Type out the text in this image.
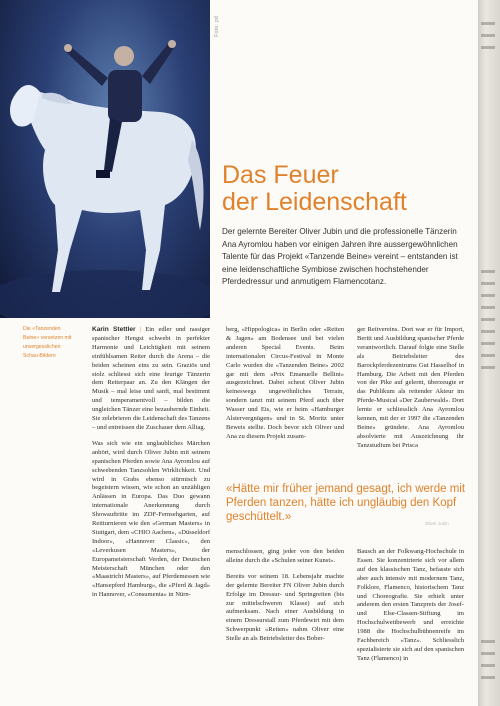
Foto: pd
Das Feuer
der Leidenschaft
Der gelernte Bereiter Oliver Jubin und die professionelle Tänzerin Ana Ayromlou haben vor einigen Jahren ihre aussergewöhnlichen Talente für das Projekt «Tanzende Beine» vereint – entstanden ist eine leidenschaftliche Symbiose zwischen hochstehender Pferdedressur und anmutigem Flamencotanz.
Die «Tanzenden Beine» versetzen mit unvergesslichen Schau-Bildern

Karin Stettler | Ein edler und rassiger spanischer Hengst schwebt in perfekter Harmonie und Leichtigkeit mit seinem einfühlsamen Reiter durch die Arena – die beiden scheinen eins zu sein. Graziös und stolz schliesst sich eine feurige Tänzerin dem Reiterpaar an. Zu den Klängen der Musik – mal leise und sanft, mal bestimmt und temperamentvoll – bilden die ungleichen Tänzer eine bezaubernde Einheit. Sie zelebrieren die Leidenschaft des Tanzens – und entreissen die Zuschauer dem Alltag.

Was sich wie ein unglaubliches Märchen anhört, wird durch Oliver Jubin mit seinem spanischen Pferden sowie Ana Ayromlou auf schwebenden Tanzsohlen Wirklichkeit. Und wird in Grabs ebenso stürmisch zu begeistern wissen, wie schon an unzähligen Anlässen in Europa. Das Duo gewann internationale Anerkennung durch Showauftritte im ZDF-Fernsehgarten, auf Reitturnieren wie den «German Masters» in Stuttgart, dem «CHIO Aachen», «Düsseldorf Indoor», «Hannover Classic», den «Leverkusen Masters», der Europameisterschaft Verden, der Deutschen Meisterschaft München oder den «Maastricht Masters», auf Pferdemessen wie «Hansepferd Hamburg», die «Pferd & Jagd» in Hannover, «Consumenta» in Nürn-

berg, «Hippologica» in Berlin oder «Reiten & Jagen» am Bodensee und bei vielen anderen Special Events. Beim internationalen Circus-Festival in Monte Carlo wurden die «Tanzenden Beine» 2002 gar mit dem «Prix Emanuelle Bellini» ausgezeichnet. Dabei scheut Oliver Jubin keineswegs ungewöhnliches Terrain, sondern tanzt mit seinem Pferd auch über Wasser und Eis, wie er beim «Hamburger Alstervergnügen» und in St. Moritz unter Beweis stellte. Doch bevor sich Oliver und Ana zu diesem Projekt zusam-

ger Reitvereins. Dort war er für Import, Beritt und Ausbildung spanischer Pferde verantwortlich. Darauf folgte eine Stelle als Betriebsleiter des Barockpferdezentrums Gut Hasselhof in Hamburg. Die Arbeit mit den Pferden von der Pike auf gelernt, überzeugte er das Publikum als reitender Akteur im Pferde-Musical «Der Zauberwald». Dort lernte er schliesslich Ana Ayromlou kennen, mit der er 1997 die «Tanzenden Beine» gründete. Ana Ayromlou absolvierte mit Auszeichnung ihr Tanzstudium bei Prisca

«Hätte mir früher jemand gesagt, ich werde mit Pferden tanzen, hätte ich ungläubig den Kopf geschüttelt.»
Oliver Jubin

menschlossen, ging jeder von den beiden alleine durch die «Schulen seiner Kunst».

Bereits vor seinem 18. Lebensjahr machte der gelernte Bereiter FN Oliver Jubin durch Erfolge im Dressur- und Springreiten (bis zur mittelschweren Klasse) auf sich aufmerksam. Nach einer Ausbildung in einem Dressurstall zum Pferdewirt mit dem Schwerpunkt «Reiten» nahm Oliver eine Stelle an als Betriebsleiter des Bober-

Bausch an der Folkwang-Hochschule in Essen. Sie konzentrierte sich vor allem auf den klassischen Tanz, befasste sich aber auch intensiv mit modernem Tanz, Folklore, Flamenco, historischem Tanz und Choreografie. Sie erhielt unter anderem den ersten Tanzpreis der Josef- und Else-Classen-Stiftung im Hochschulwettbewerb und erreichte 1988 die Hochschulbühnenreife im Fachbereich «Tanz». Schliesslich spezialisierte sie sich auf den spanischen Tanz (Flamenco) in
